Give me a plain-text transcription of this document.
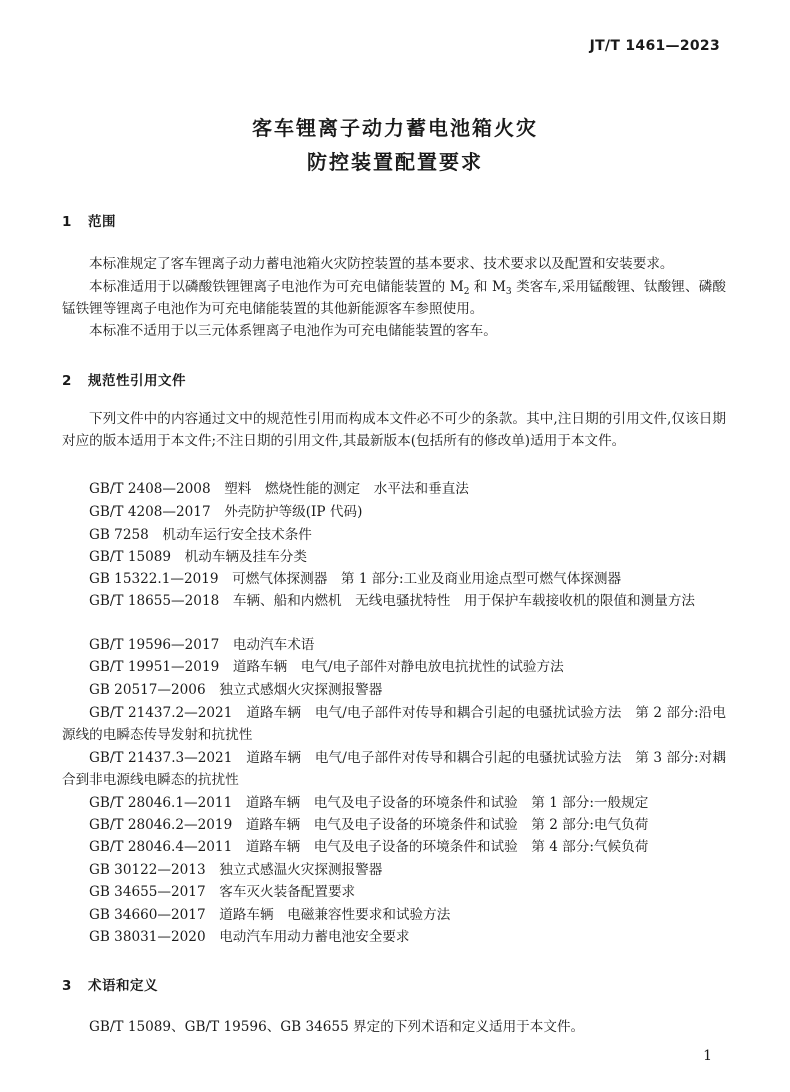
JT/T 1461—2023
客车锂离子动力蓄电池箱火灾
防控装置配置要求
1 范围
本标准规定了客车锂离子动力蓄电池箱火灾防控装置的基本要求、技术要求以及配置和安装要求。
本标准适用于以磷酸铁锂锂离子电池作为可充电储能装置的 $M_2$ 和 $M_3$ 类客车,采用锰酸锂、钛酸锂、磷酸锰铁锂等锂离子电池作为可充电储能装置的其他新能源客车参照使用。
本标准不适用于以三元体系锂离子电池作为可充电储能装置的客车。
2 规范性引用文件
下列文件中的内容通过文中的规范性引用而构成本文件必不可少的条款。其中,注日期的引用文件,仅该日期对应的版本适用于本文件;不注日期的引用文件,其最新版本(包括所有的修改单)适用于本文件。
GB/T 2408—2008　塑料　燃烧性能的测定　水平法和垂直法
GB/T 4208—2017　外壳防护等级(IP 代码)
GB 7258　机动车运行安全技术条件
GB/T 15089　机动车辆及挂车分类
GB 15322.1—2019　可燃气体探测器　第 1 部分:工业及商业用途点型可燃气体探测器
GB/T 18655—2018　车辆、船和内燃机　无线电骚扰特性　用于保护车载接收机的限值和测量方法
GB/T 19596—2017　电动汽车术语
GB/T 19951—2019　道路车辆　电气/电子部件对静电放电抗扰性的试验方法
GB 20517—2006　独立式感烟火灾探测报警器
GB/T 21437.2—2021　道路车辆　电气/电子部件对传导和耦合引起的电骚扰试验方法　第 2 部分:沿电源线的电瞬态传导发射和抗扰性
GB/T 21437.3—2021　道路车辆　电气/电子部件对传导和耦合引起的电骚扰试验方法　第 3 部分:对耦合到非电源线电瞬态的抗扰性
GB/T 28046.1—2011　道路车辆　电气及电子设备的环境条件和试验　第 1 部分:一般规定
GB/T 28046.2—2019　道路车辆　电气及电子设备的环境条件和试验　第 2 部分:电气负荷
GB/T 28046.4—2011　道路车辆　电气及电子设备的环境条件和试验　第 4 部分:气候负荷
GB 30122—2013　独立式感温火灾探测报警器
GB 34655—2017　客车灭火装备配置要求
GB 34660—2017　道路车辆　电磁兼容性要求和试验方法
GB 38031—2020　电动汽车用动力蓄电池安全要求
3 术语和定义
GB/T 15089、GB/T 19596、GB 34655 界定的下列术语和定义适用于本文件。
1
